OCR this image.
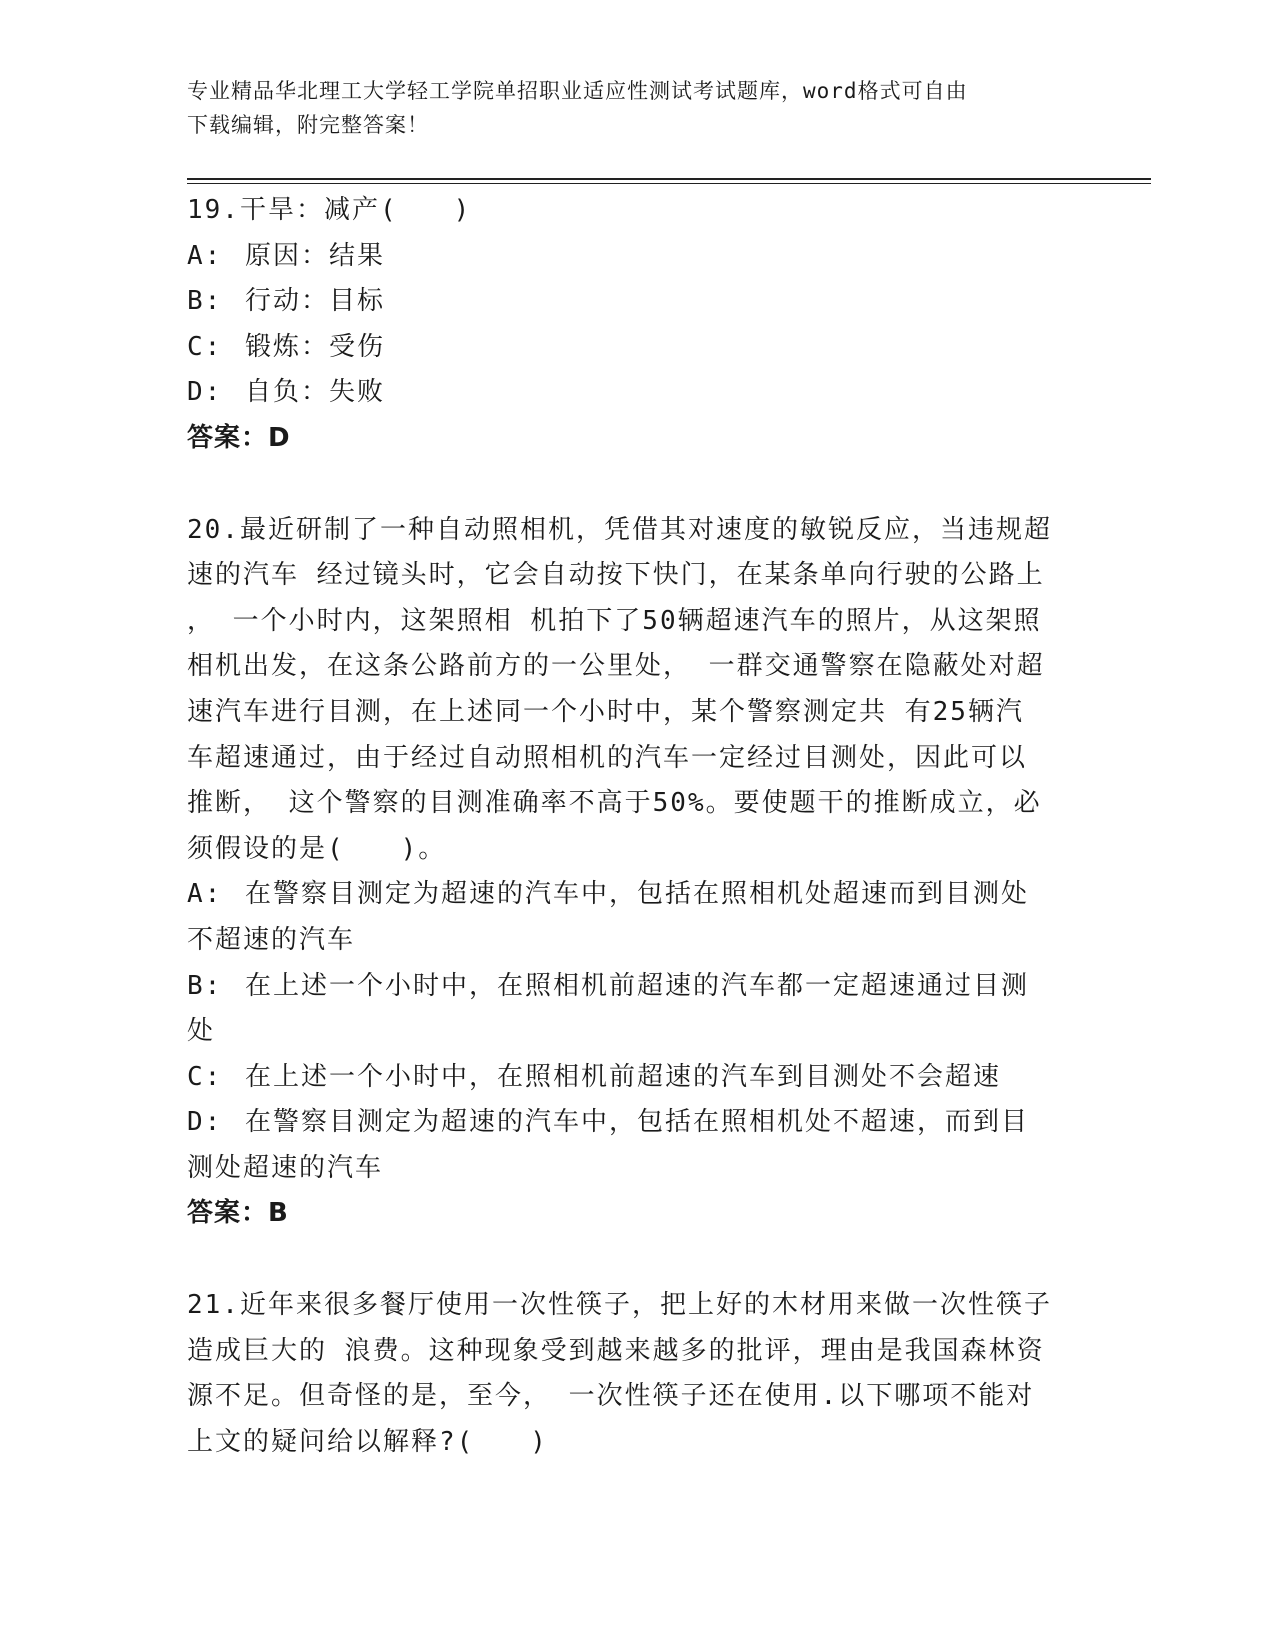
专业精品华北理工大学轻工学院单招职业适应性测试考试题库，word格式可自由
下载编辑，附完整答案！

19.干旱：减产(　　)

A: 原因：结果

B: 行动：目标

C: 锻炼：受伤

D: 自负：失败

答案：D

20.最近研制了一种自动照相机，凭借其对速度的敏锐反应，当违规超

速的汽车 经过镜头时，它会自动按下快门，在某条单向行驶的公路上

， 一个小时内，这架照相 机拍下了50辆超速汽车的照片，从这架照

相机出发，在这条公路前方的一公里处， 一群交通警察在隐蔽处对超

速汽车进行目测，在上述同一个小时中，某个警察测定共 有25辆汽

车超速通过，由于经过自动照相机的汽车一定经过目测处，因此可以

推断， 这个警察的目测准确率不高于50%。要使题干的推断成立，必

须假设的是(　　)。

A: 在警察目测定为超速的汽车中，包括在照相机处超速而到目测处

不超速的汽车

B: 在上述一个小时中，在照相机前超速的汽车都一定超速通过目测

处

C: 在上述一个小时中，在照相机前超速的汽车到目测处不会超速

D: 在警察目测定为超速的汽车中，包括在照相机处不超速，而到目

测处超速的汽车

答案：B

21.近年来很多餐厅使用一次性筷子，把上好的木材用来做一次性筷子

造成巨大的 浪费。这种现象受到越来越多的批评，理由是我国森林资

源不足。但奇怪的是，至今， 一次性筷子还在使用.以下哪项不能对

上文的疑问给以解释?(　　)
